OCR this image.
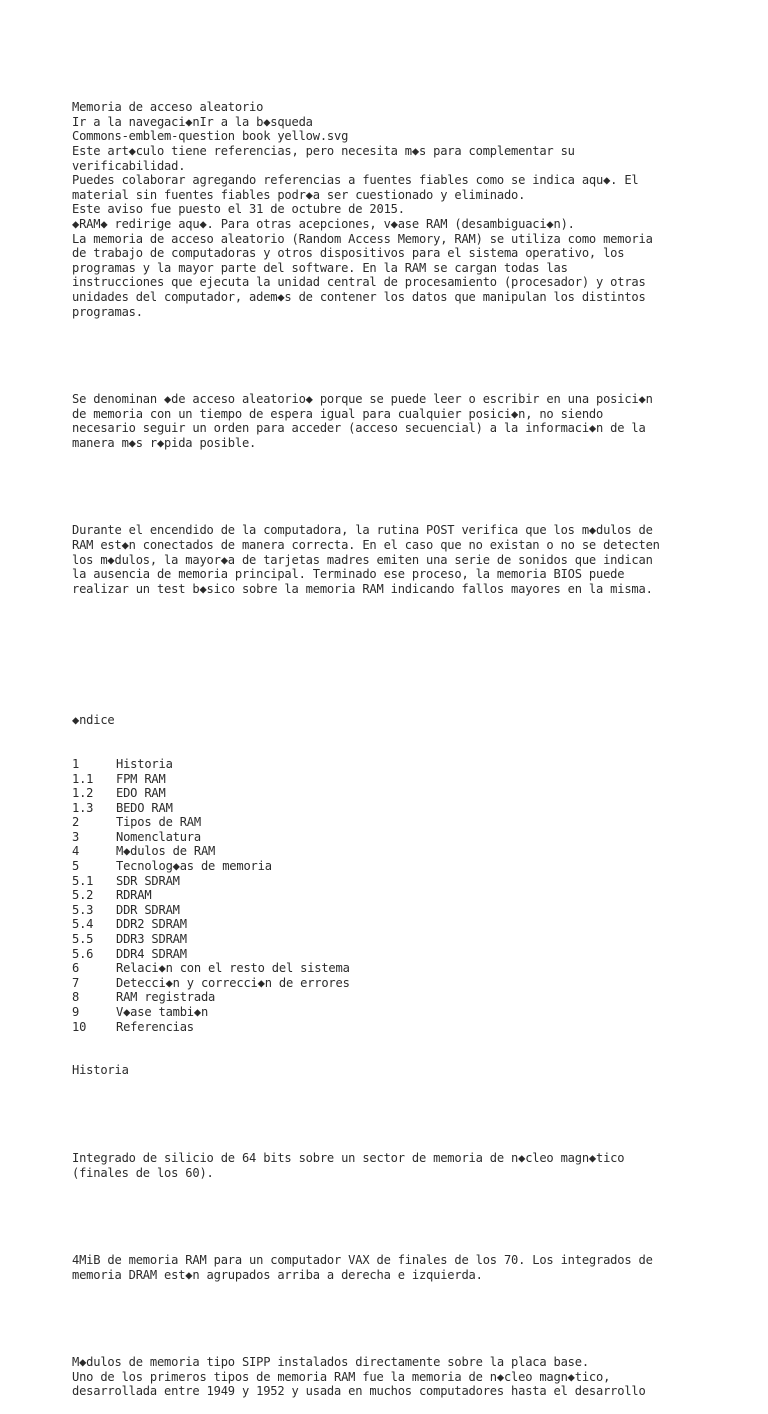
Memoria de acceso aleatorio
Ir a la navegaci◆nIr a la b◆squeda
Commons-emblem-question book yellow.svg
Este art◆culo tiene referencias, pero necesita m◆s para complementar su
verificabilidad.
Puedes colaborar agregando referencias a fuentes fiables como se indica aqu◆. El
material sin fuentes fiables podr◆a ser cuestionado y eliminado.
Este aviso fue puesto el 31 de octubre de 2015.
◆RAM◆ redirige aqu◆. Para otras acepciones, v◆ase RAM (desambiguaci◆n).
La memoria de acceso aleatorio (Random Access Memory, RAM) se utiliza como memoria
de trabajo de computadoras y otros dispositivos para el sistema operativo, los
programas y la mayor parte del software. En la RAM se cargan todas las
instrucciones que ejecuta la unidad central de procesamiento (procesador) y otras
unidades del computador, adem◆s de contener los datos que manipulan los distintos
programas.

Se denominan ◆de acceso aleatorio◆ porque se puede leer o escribir en una posici◆n
de memoria con un tiempo de espera igual para cualquier posici◆n, no siendo
necesario seguir un orden para acceder (acceso secuencial) a la informaci◆n de la
manera m◆s r◆pida posible.

Durante el encendido de la computadora, la rutina POST verifica que los m◆dulos de
RAM est◆n conectados de manera correcta. En el caso que no existan o no se detecten
los m◆dulos, la mayor◆a de tarjetas madres emiten una serie de sonidos que indican
la ausencia de memoria principal. Terminado ese proceso, la memoria BIOS puede
realizar un test b◆sico sobre la memoria RAM indicando fallos mayores en la misma.

◆ndice

1	Historia
1.1 FPM RAM
1.2 EDO RAM
1.3 BEDO RAM
2	Tipos de RAM
3	Nomenclatura
4	M◆dulos de RAM
5	Tecnolog◆as de memoria
5.1 SDR SDRAM
5.2 RDRAM
5.3 DDR SDRAM
5.4 DDR2 SDRAM
5.5 DDR3 SDRAM
5.6 DDR4 SDRAM
6	Relaci◆n con el resto del sistema
7	Detecci◆n y correcci◆n de errores
8	RAM registrada
9	V◆ase tambi◆n
10 Referencias

Historia

Integrado de silicio de 64 bits sobre un sector de memoria de n◆cleo magn◆tico
(finales de los 60).

4MiB de memoria RAM para un computador VAX de finales de los 70. Los integrados de
memoria DRAM est◆n agrupados arriba a derecha e izquierda.

M◆dulos de memoria tipo SIPP instalados directamente sobre la placa base.
Uno de los primeros tipos de memoria RAM fue la memoria de n◆cleo magn◆tico,
desarrollada entre 1949 y 1952 y usada en muchos computadores hasta el desarrollo
